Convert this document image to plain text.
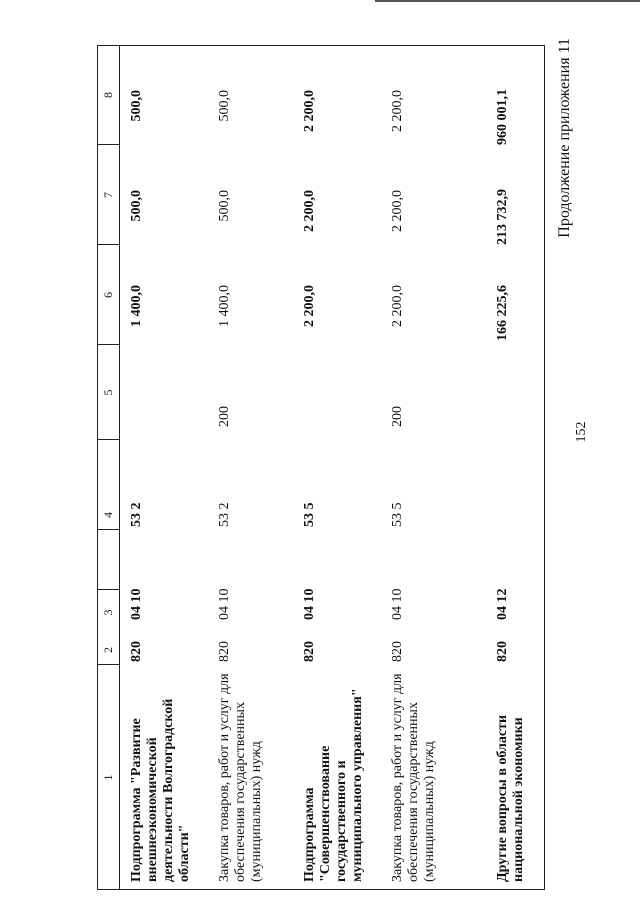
152
Продолжение приложения 11
1
2
3
4
5
6
7
8
Подпрограмма "Развитие внешнеэкономической деятельности Волгоградской области"
820
04 10
53 2
1 400,0
500,0
500,0
Закупка товаров, работ и услуг для обеспечения государственных (муниципальных) нужд
820
04 10
53 2
200
1 400,0
500,0
500,0
Подпрограмма "Совершенствование государственного и муниципального управления"
820
04 10
53 5
2 200,0
2 200,0
2 200,0
Закупка товаров, работ и услуг для обеспечения государственных (муниципальных) нужд
820
04 10
53 5
200
2 200,0
2 200,0
2 200,0
Другие вопросы в области национальной экономики
820
04 12
166 225,6
213 732,9
960 001,1
